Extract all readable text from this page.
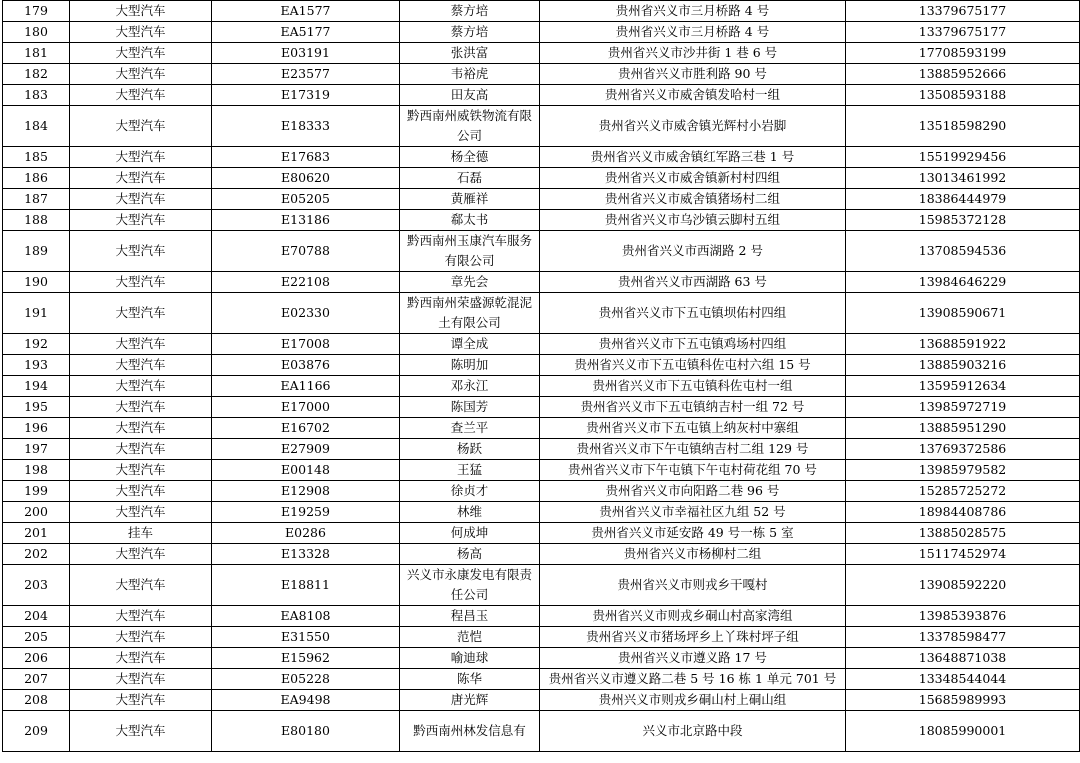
179	大型汽车	EA1577	蔡方培	贵州省兴义市三月桥路 4 号	13379675177
180	大型汽车	EA5177	蔡方培	贵州省兴义市三月桥路 4 号	13379675177
181	大型汽车	E03191	张洪富	贵州省兴义市沙井街 1 巷 6 号	17708593199
182	大型汽车	E23577	韦裕虎	贵州省兴义市胜利路 90 号	13885952666
183	大型汽车	E17319	田友高	贵州省兴义市威舍镇发哈村一组	13508593188
184	大型汽车	E18333	黔西南州威铁物流有限公司	贵州省兴义市威舍镇光辉村小岩脚	13518598290
185	大型汽车	E17683	杨全德	贵州省兴义市威舍镇红军路三巷 1 号	15519929456
186	大型汽车	E80620	石磊	贵州省兴义市威舍镇新村村四组	13013461992
187	大型汽车	E05205	黄雁祥	贵州省兴义市威舍镇猪场村二组	18386444979
188	大型汽车	E13186	郗太书	贵州省兴义市乌沙镇云脚村五组	15985372128
189	大型汽车	E70788	黔西南州玉康汽车服务有限公司	贵州省兴义市西湖路 2 号	13708594536
190	大型汽车	E22108	章先会	贵州省兴义市西湖路 63 号	13984646229
191	大型汽车	E02330	黔西南州荣盛源乾混泥土有限公司	贵州省兴义市下五屯镇坝佑村四组	13908590671
192	大型汽车	E17008	谭全成	贵州省兴义市下五屯镇鸡场村四组	13688591922
193	大型汽车	E03876	陈明加	贵州省兴义市下五屯镇科佐屯村六组 15 号	13885903216
194	大型汽车	EA1166	邓永江	贵州省兴义市下五屯镇科佐屯村一组	13595912634
195	大型汽车	E17000	陈国芳	贵州省兴义市下五屯镇纳吉村一组 72 号	13985972719
196	大型汽车	E16702	查兰平	贵州省兴义市下五屯镇上纳灰村中寨组	13885951290
197	大型汽车	E27909	杨跃	贵州省兴义市下午屯镇纳吉村二组 129 号	13769372586
198	大型汽车	E00148	王猛	贵州省兴义市下午屯镇下午屯村荷花组 70 号	13985979582
199	大型汽车	E12908	徐贞才	贵州省兴义市向阳路二巷 96 号	15285725272
200	大型汽车	E19259	林维	贵州省兴义市幸福社区九组 52 号	18984408786
201	挂车	E0286	何成坤	贵州省兴义市延安路 49 号一栋 5 室	13885028575
202	大型汽车	E13328	杨高	贵州省兴义市杨柳村二组	15117452974
203	大型汽车	E18811	兴义市永康发电有限责任公司	贵州省兴义市则戎乡干嘎村	13908592220
204	大型汽车	EA8108	程昌玉	贵州省兴义市则戎乡硐山村高家湾组	13985393876
205	大型汽车	E31550	范恺	贵州省兴义市猪场坪乡上丫珠村坪子组	13378598477
206	大型汽车	E15962	喻迪球	贵州省兴义市遵义路 17 号	13648871038
207	大型汽车	E05228	陈华	贵州省兴义市遵义路二巷 5 号 16 栋 1 单元 701 号	13348544044
208	大型汽车	EA9498	唐光辉	贵州兴义市则戎乡硐山村上硐山组	15685989993
209	大型汽车	E80180	黔西南州林发信息有	兴义市北京路中段	18085990001
